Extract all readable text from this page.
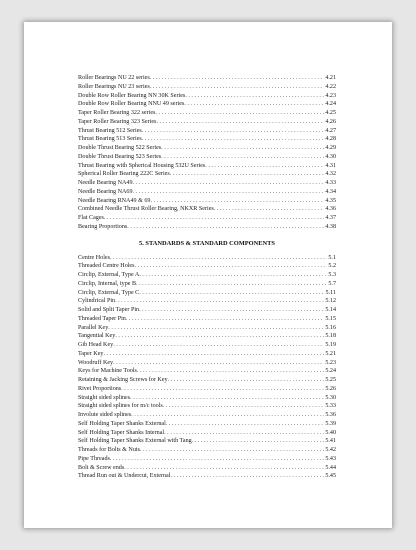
Roller Bearings NU 22 series . . .	4.21
Roller Bearings NU 23 series . . .	4.22
Double Row Roller Bearing NN 30K Series . . .	4.23
Double Row Roller Bearing NNU 49 series . . .	4.24
Taper Roller Bearing 322 series . . .	4.25
Taper Roller Bearing 323 Series . . .	4.26
Thrust Bearing 512 Series . . .	4.27
Thrust Bearing 513 Series . . .	4.28
Double Thrust Bearing 522 Series . . .	4.29
Double Thrust Bearing 523 Series . . .	4.30
Thrust Bearing with Spherical Housing 532U Series . . .	4.31
Spherical Roller Bearing 222C Series . . .	4.32
Needle Bearing NA49 . . .	4.33
Needle Bearing NA69 . . .	4.34
Needle Bearing RNA49 & 69 . . .	4.35
Combined Needle Thrust Roller Bearing, NKXR Series . . .	4.36
Flat Cages . . .	4.37
Bearing Proportions . . .	4.38
5. STANDARDS & STANDARD COMPONENTS
Centre Holes . . .	5.1
Threaded Centre Holes . . .	5.2
Circlip, External, Type A . . .	5.3
Circlip, Internal, type B . . .	5.7
Circlip, External, Type C . . .	5.11
Cylindrical Pin . . .	5.12
Solid and Split Taper Pin . . .	5.14
Threaded Taper Pin . . .	5.15
Parallel Key . . .	5.16
Tangential Key . . .	5.18
Gib Head Key . . .	5.19
Taper Key . . .	5.21
Woodruff Key . . .	5.23
Keys for Machine Tools . . .	5.24
Retaining & Jacking Screws for Key . . .	5.25
Rivet Proportions . . .	5.26
Straight sided splines . . .	5.30
Straight sided splines for m/c tools . . .	5.33
Involute sided splines . . .	5.36
Self Holding Taper Shanks External . . .	5.39
Self Holding Taper Shanks Internal . . .	5.40
Self Holding Taper Shanks External with Tang . . .	5.41
Threads for Bolts & Nuts . . .	5.42
Pipe Threads . . .	5.43
Bolt & Screw ends . . .	5.44
Thread Run out & Undercut, External . . .	5.45
